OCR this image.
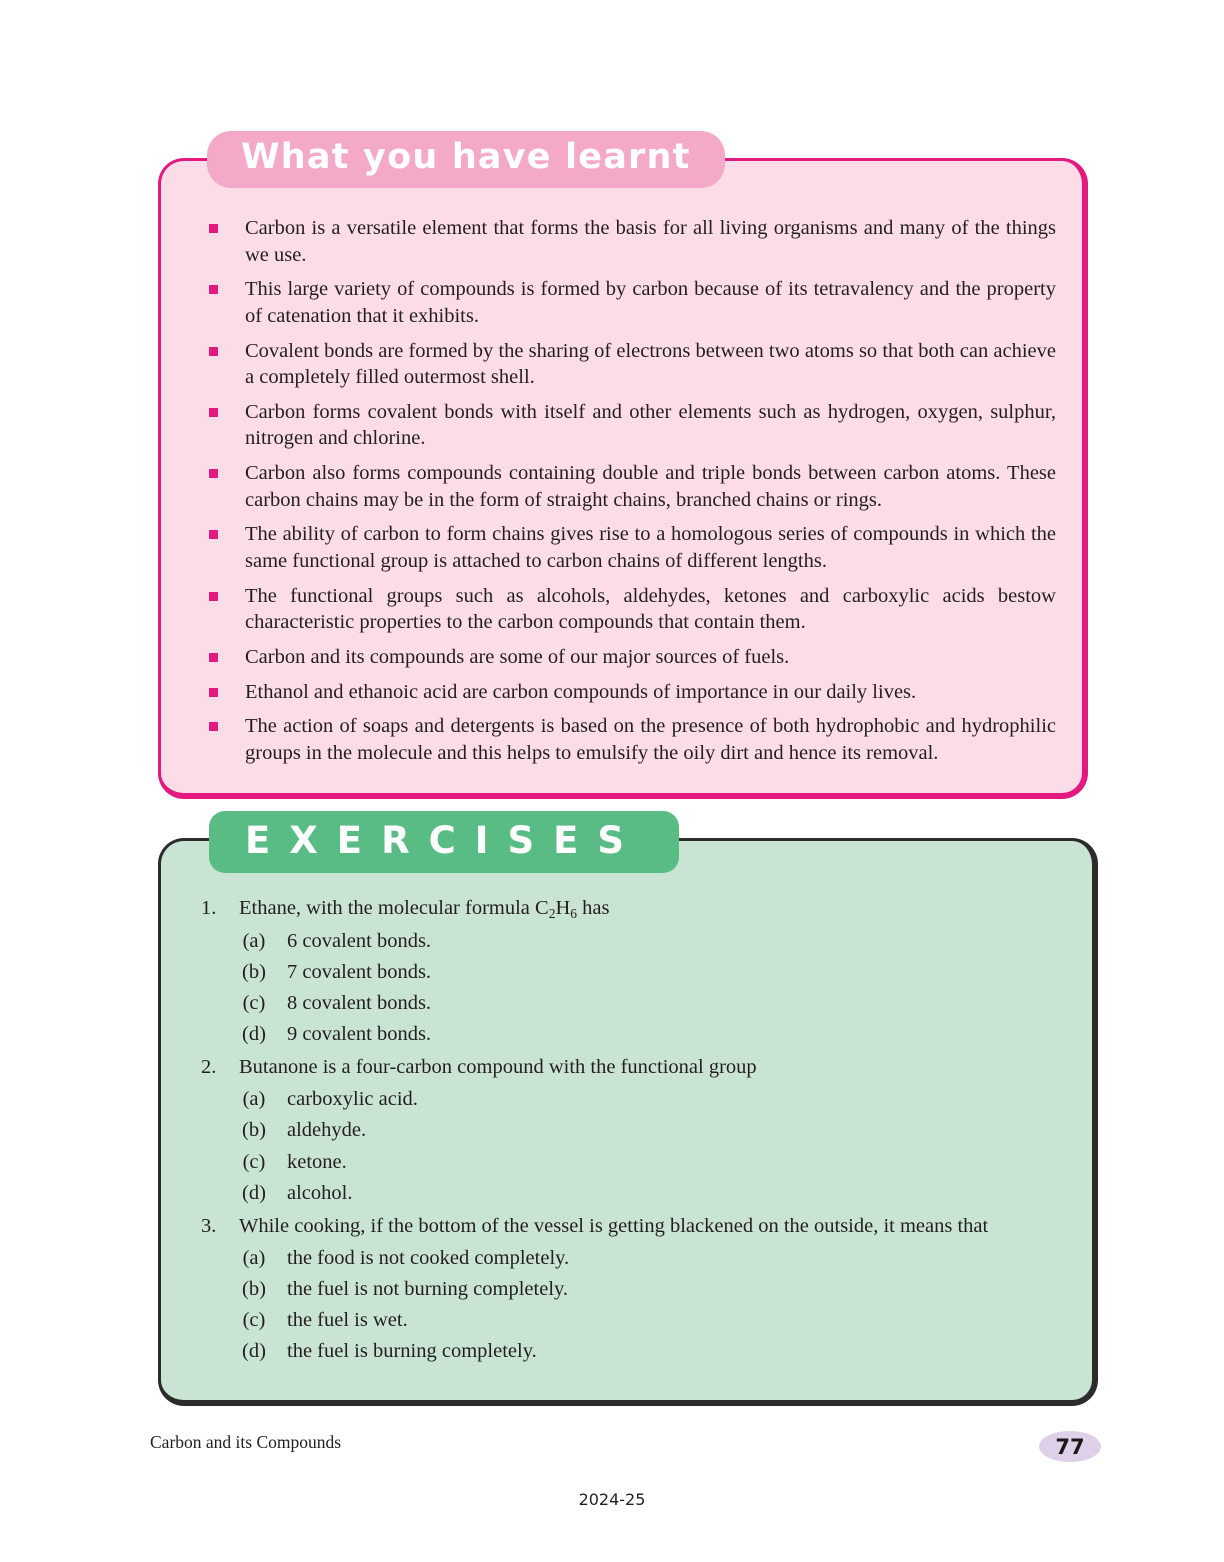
What you have learnt
Carbon is a versatile element that forms the basis for all living organisms and many of the things we use.
This large variety of compounds is formed by carbon because of its tetravalency and the property of catenation that it exhibits.
Covalent bonds are formed by the sharing of electrons between two atoms so that both can achieve a completely filled outermost shell.
Carbon forms covalent bonds with itself and other elements such as hydrogen, oxygen, sulphur, nitrogen and chlorine.
Carbon also forms compounds containing double and triple bonds between carbon atoms. These carbon chains may be in the form of straight chains, branched chains or rings.
The ability of carbon to form chains gives rise to a homologous series of compounds in which the same functional group is attached to carbon chains of different lengths.
The functional groups such as alcohols, aldehydes, ketones and carboxylic acids bestow characteristic properties to the carbon compounds that contain them.
Carbon and its compounds are some of our major sources of fuels.
Ethanol and ethanoic acid are carbon compounds of importance in our daily lives.
The action of soaps and detergents is based on the presence of both hydrophobic and hydrophilic groups in the molecule and this helps to emulsify the oily dirt and hence its removal.
EXERCISES
1.	Ethane, with the molecular formula $C_2H_6$ has
(a)	6 covalent bonds.
(b)	7 covalent bonds.
(c)	8 covalent bonds.
(d)	9 covalent bonds.
2.	Butanone is a four-carbon compound with the functional group
(a)	carboxylic acid.
(b)	aldehyde.
(c)	ketone.
(d)	alcohol.
3.	While cooking, if the bottom of the vessel is getting blackened on the outside, it means that
(a)	the food is not cooked completely.
(b)	the fuel is not burning completely.
(c)	the fuel is wet.
(d)	the fuel is burning completely.
Carbon and its Compounds	77
2024-25
